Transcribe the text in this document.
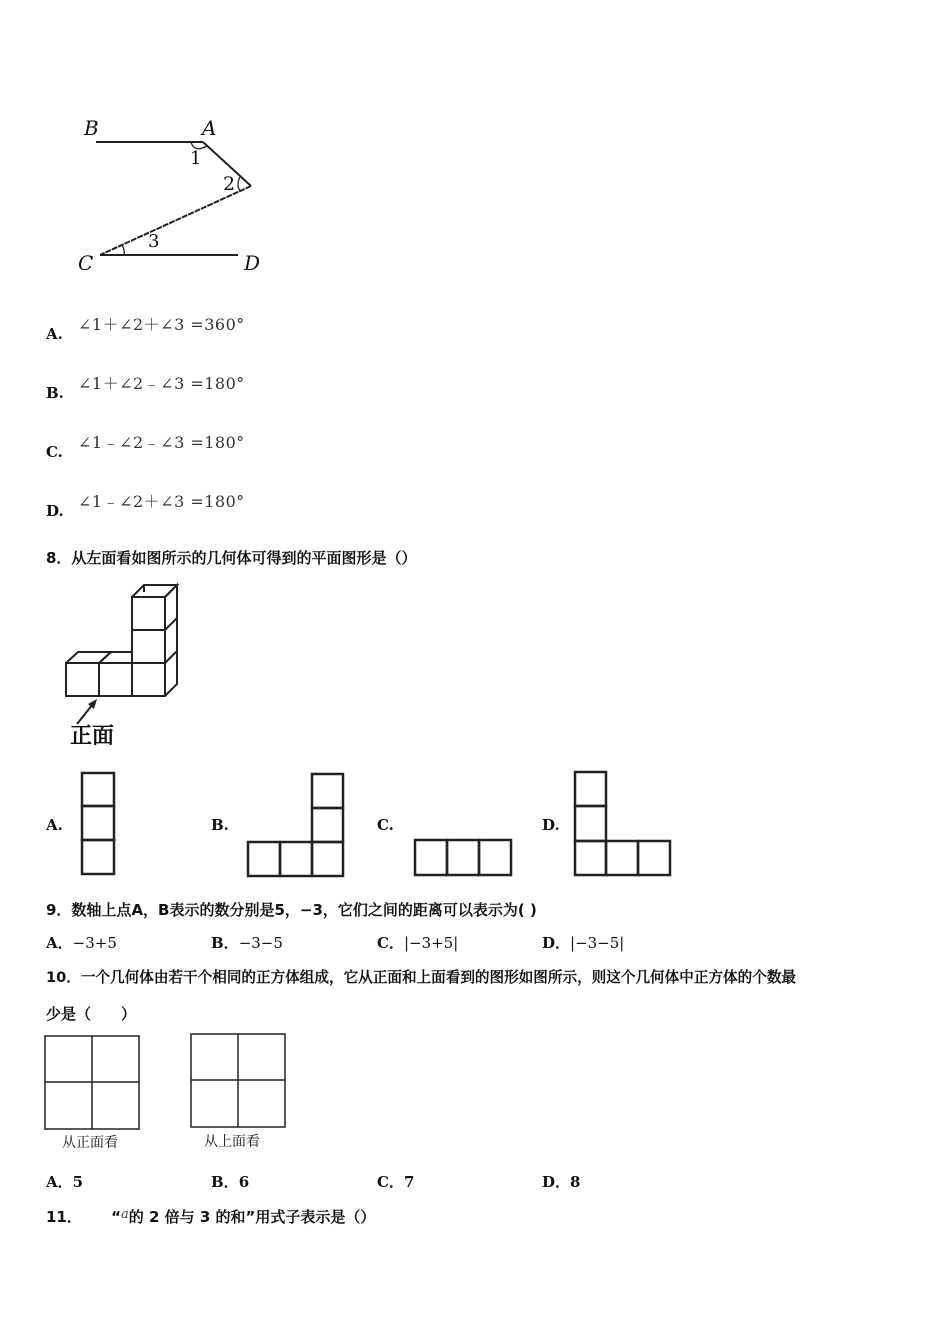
B	A
1
2
3
C	D
A. ∠1＋∠2＋∠3 =360°
B. ∠1＋∠2﹣∠3 =180°
C. ∠1﹣∠2﹣∠3 =180°
D. ∠1﹣∠2＋∠3 =180°
8．从左面看如图所示的几何体可得到的平面图形是（）
正面
A.	B.	C.	D.
9．数轴上点A，B表示的数分别是5，−3，它们之间的距离可以表示为( )
A．−3+5	B．−3−5	C．|−3+5|	D．|−3−5|
10．一个几何体由若干个相同的正方体组成，它从正面和上面看到的图形如图所示，则这个几何体中正方体的个数最
少是（　　）
从正面看	从上面看
A．5	B．6	C．7	D．8
11． “a的 2 倍与 3 的和”用式子表示是（）
